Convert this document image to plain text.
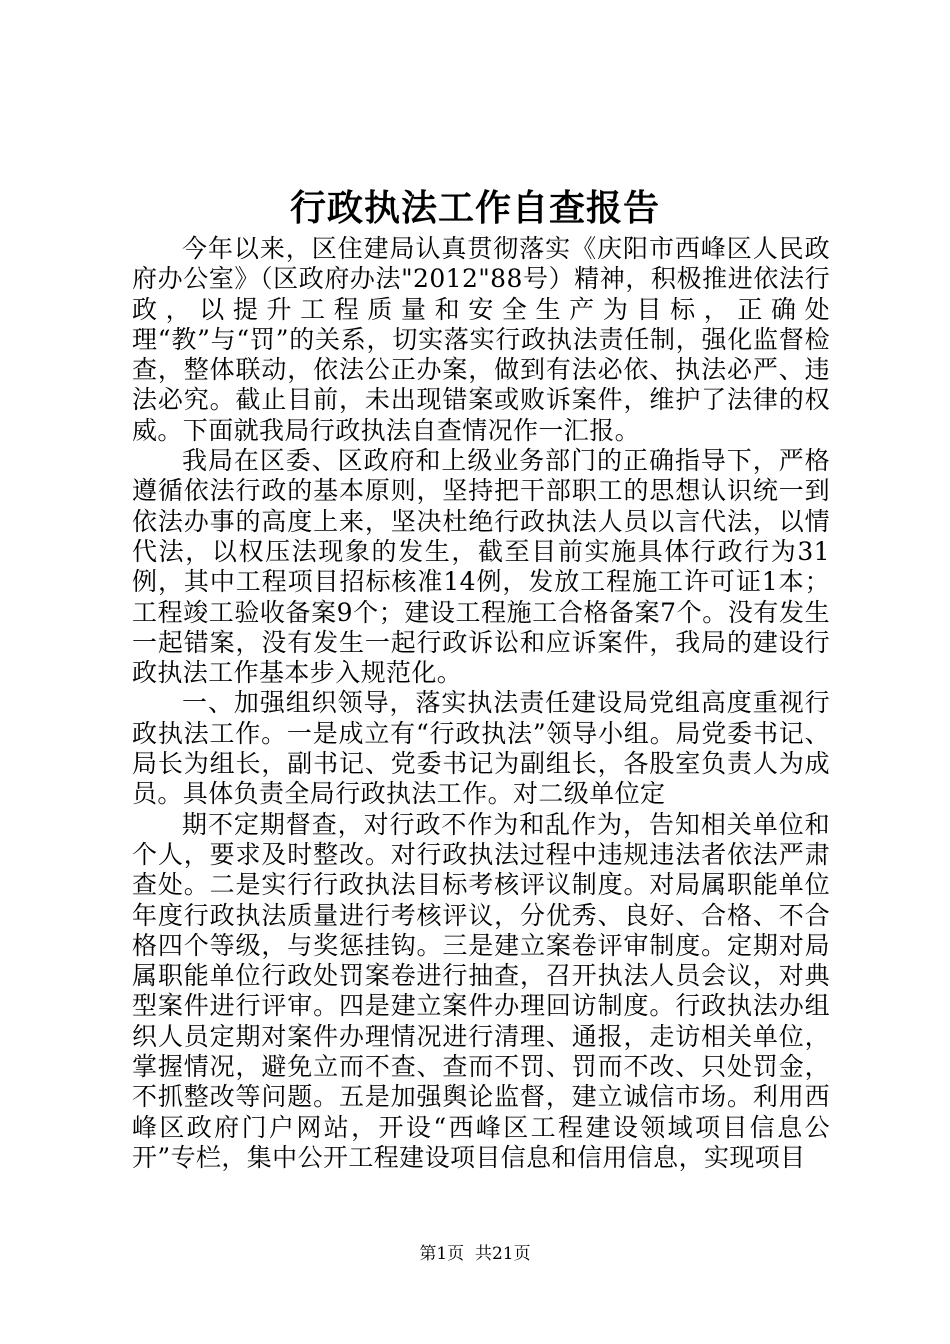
行政执法工作自查报告

今年以来，区住建局认真贯彻落实《庆阳市西峰区人民政府办公室》（区政府办法"2012"88号）精神，积极推进依法行政，以提升工程质量和安全生产为目标，正确处理“教”与“罚”的关系，切实落实行政执法责任制，强化监督检查，整体联动，依法公正办案，做到有法必依、执法必严、违法必究。截止目前，未出现错案或败诉案件，维护了法律的权威。下面就我局行政执法自查情况作一汇报。

我局在区委、区政府和上级业务部门的正确指导下，严格遵循依法行政的基本原则，坚持把干部职工的思想认识统一到依法办事的高度上来，坚决杜绝行政执法人员以言代法，以情代法，以权压法现象的发生，截至目前实施具体行政行为31例，其中工程项目招标核准14例，发放工程施工许可证1本；工程竣工验收备案9个；建设工程施工合格备案7个。没有发生一起错案，没有发生一起行政诉讼和应诉案件，我局的建设行政执法工作基本步入规范化。

一、加强组织领导，落实执法责任建设局党组高度重视行政执法工作。一是成立有“行政执法”领导小组。局党委书记、局长为组长，副书记、党委书记为副组长，各股室负责人为成员。具体负责全局行政执法工作。对二级单位定

期不定期督查，对行政不作为和乱作为，告知相关单位和个人，要求及时整改。对行政执法过程中违规违法者依法严肃查处。二是实行行政执法目标考核评议制度。对局属职能单位年度行政执法质量进行考核评议，分优秀、良好、合格、不合格四个等级，与奖惩挂钩。三是建立案卷评审制度。定期对局属职能单位行政处罚案卷进行抽查，召开执法人员会议，对典型案件进行评审。四是建立案件办理回访制度。行政执法办组织人员定期对案件办理情况进行清理、通报，走访相关单位，掌握情况，避免立而不查、查而不罚、罚而不改、只处罚金，不抓整改等问题。五是加强舆论监督，建立诚信市场。利用西峰区政府门户网站，开设“西峰区工程建设领域项目信息公开”专栏，集中公开工程建设项目信息和信用信息，实现项目

第1页  共21页
